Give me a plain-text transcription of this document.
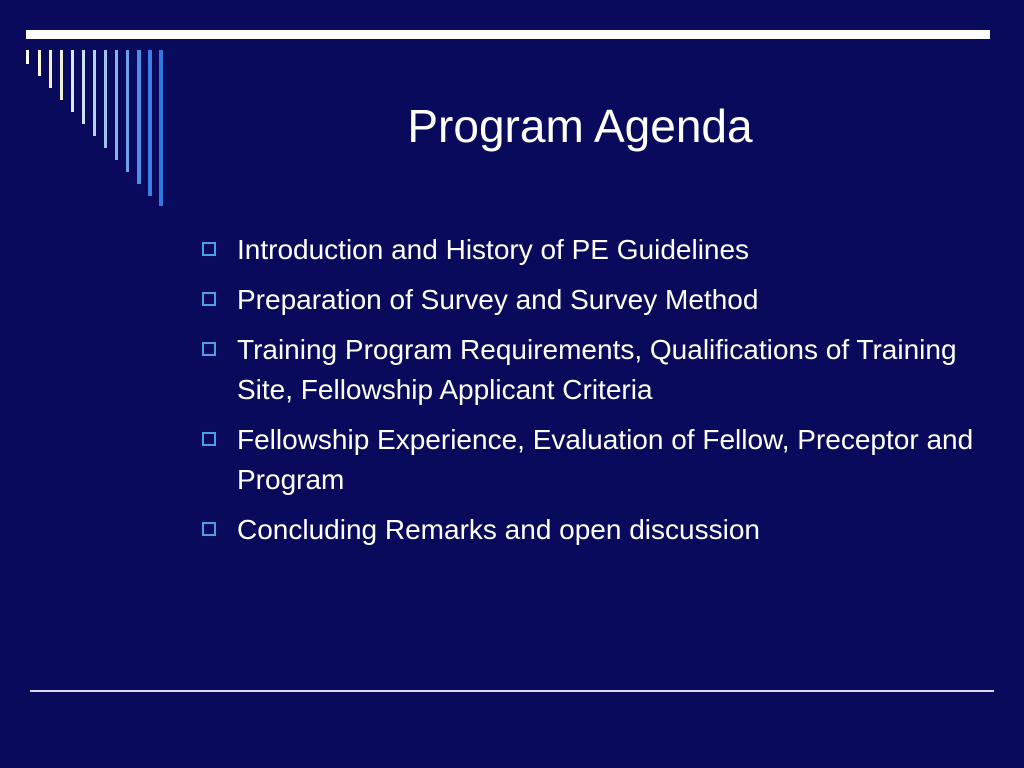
Program Agenda
Introduction and History of PE Guidelines
Preparation of Survey and Survey Method
Training Program Requirements, Qualifications of Training Site, Fellowship Applicant Criteria
Fellowship Experience, Evaluation of Fellow, Preceptor and Program
Concluding Remarks and open discussion
